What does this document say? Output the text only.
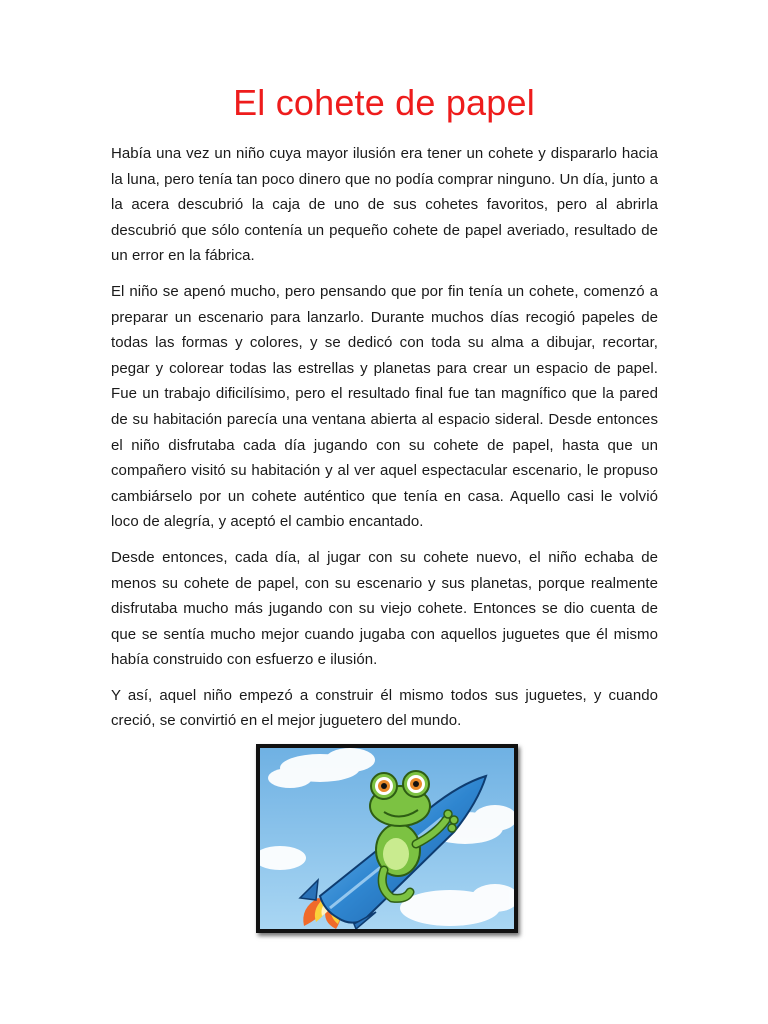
El cohete de papel

Había una vez un niño cuya mayor ilusión era tener un cohete y dispararlo hacia la luna, pero tenía tan poco dinero que no podía comprar ninguno. Un día, junto a la acera descubrió la caja de uno de sus cohetes favoritos, pero al abrirla descubrió que sólo contenía un pequeño cohete de papel averiado, resultado de un error en la fábrica.

El niño se apenó mucho, pero pensando que por fin tenía un cohete, comenzó a preparar un escenario para lanzarlo. Durante muchos días recogió papeles de todas las formas y colores, y se dedicó con toda su alma a dibujar, recortar, pegar y colorear todas las estrellas y planetas para crear un espacio de papel. Fue un trabajo dificilísimo, pero el resultado final fue tan magnífico que la pared de su habitación parecía una ventana abierta al espacio sideral. Desde entonces el niño disfrutaba cada día jugando con su cohete de papel, hasta que un compañero visitó su habitación y al ver aquel espectacular escenario, le propuso cambiárselo por un cohete auténtico que tenía en casa. Aquello casi le volvió loco de alegría, y aceptó el cambio encantado.

Desde entonces, cada día, al jugar con su cohete nuevo, el niño echaba de menos su cohete de papel, con su escenario y sus planetas, porque realmente disfrutaba mucho más jugando con su viejo cohete. Entonces se dio cuenta de que se sentía mucho mejor cuando jugaba con aquellos juguetes que él mismo había construido con esfuerzo e ilusión.

Y así, aquel niño empezó a construir él mismo todos sus juguetes, y cuando creció, se convirtió en el mejor juguetero del mundo.
